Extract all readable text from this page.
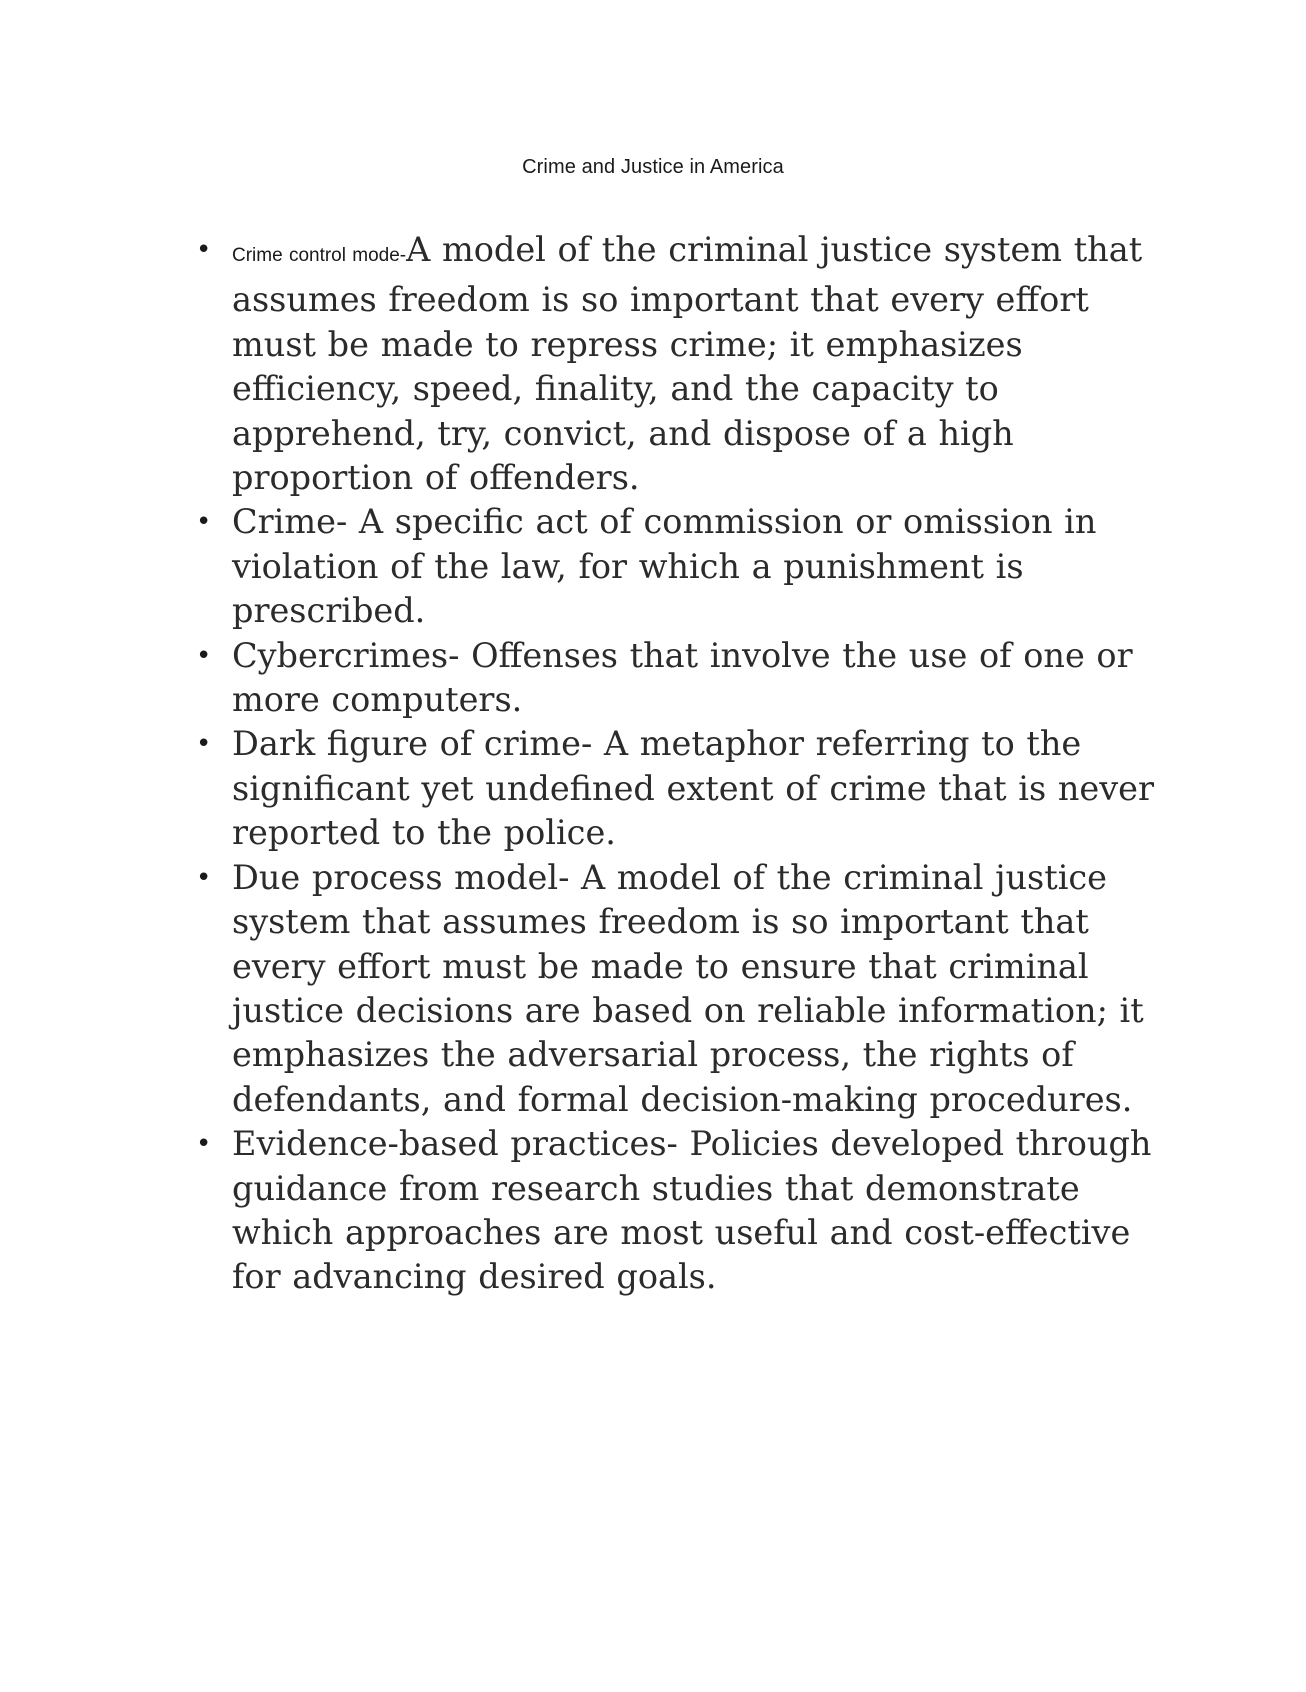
Crime and Justice in America
•	Crime control mode-A model of the criminal justice system that assumes freedom is so important that every effort must be made to repress crime; it emphasizes efficiency, speed, finality, and the capacity to apprehend, try, convict, and dispose of a high proportion of offenders.
• Crime- A specific act of commission or omission in violation of the law, for which a punishment is prescribed.
• Cybercrimes- Offenses that involve the use of one or more computers.
• Dark figure of crime- A metaphor referring to the significant yet undefined extent of crime that is never reported to the police.
• Due process model- A model of the criminal justice system that assumes freedom is so important that every effort must be made to ensure that criminal justice decisions are based on reliable information; it emphasizes the adversarial process, the rights of defendants, and formal decision-making procedures.
• Evidence-based practices- Policies developed through guidance from research studies that demonstrate which approaches are most useful and cost-effective for advancing desired goals.
